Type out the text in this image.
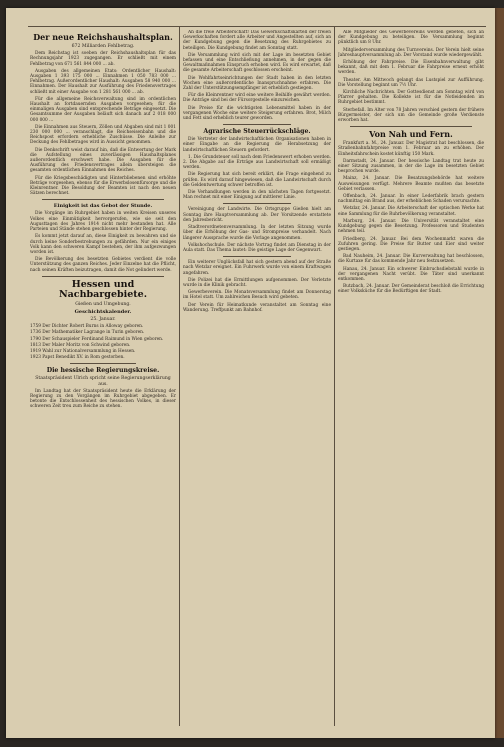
Der neue Reichshaushaltsplan.
672 Milliarden Fehlbetrag.

Dem Reichstag ist soeben der Reichshaushaltsplan für das Rechnungsjahr 1923 zugegangen. Er schließt mit einem Fehlbetrag von 671 561 844 000 ... ab.

Ausgaben des allgemeinen Etats: Ordentlicher Haushalt: Ausgaben 1 393 175 000 ... Einnahmen 1 050 783 000 ... Fehlbetrag. Außerordentlicher Haushalt: Ausgaben 58 940 000 ... Einnahmen. Der Haushalt zur Ausführung des Friedensvertrages schließt mit einer Ausgabe von 1 281 561 000 ... ab.

Für die allgemeine Reichsverwaltung sind im ordentlichen Haushalt an fortdauernden Ausgaben vorgesehen; für die einmaligen Ausgaben sind entsprechende Beträge eingesetzt. Die Gesamtsumme der Ausgaben beläuft sich danach auf 2 018 000 000 000 ...

Die Einnahmen aus Steuern, Zöllen und Abgaben sind mit 1 001 230 000 000 ... veranschlagt, die Reichseisenbahn und die Reichspost erfordern erhebliche Zuschüsse. Die Anleihe zur Deckung des Fehlbetrages wird in Aussicht genommen.

Die Denkschrift weist darauf hin, daß die Entwertung der Mark die Aufstellung eines zuverlässigen Haushaltsplanes außerordentlich erschwert habe. Die Ausgaben für die Ausführung des Friedensvertrages allein übersteigen die gesamten ordentlichen Einnahmen des Reiches.

Für die Kriegsbeschädigten und Hinterbliebenen sind erhöhte Beträge vorgesehen, ebenso für die Erwerbslosenfürsorge und die Kleinrentner. Die Besoldung der Beamten ist nach den neuen Sätzen berechnet.

Einigkeit ist das Gebot der Stunde.

Die Vorgänge im Ruhrgebiet haben in weiten Kreisen unseres Volkes eine Einmütigkeit hervorgerufen, wie sie seit den Augusttagen des Jahres 1914 nicht mehr bestanden hat. Alle Parteien und Stände stehen geschlossen hinter der Regierung.

Es kommt jetzt darauf an, diese Einigkeit zu bewahren und sie durch keine Sonderbestrebungen zu gefährden. Nur ein einiges Volk kann den schweren Kampf bestehen, der ihm aufgezwungen worden ist.

Die Bevölkerung des besetzten Gebietes verdient die volle Unterstützung des ganzen Reiches. Jeder Einzelne hat die Pflicht, nach seinen Kräften beizutragen, damit die Not gelindert werde.

Hessen und Nachbargebiete.
Gießen und Umgebung.
Geschichtskalender.
25. Januar.
1759 Der Dichter Robert Burns in Alloway geboren.
1736 Der Mathematiker Lagrange in Turin geboren.
1790 Der Schauspieler Ferdinand Raimund in Wien geboren.
1813 Der Maler Moritz von Schwind geboren.
1919 Wahl zur Nationalversammlung in Hessen.
1923 Papst Benedikt XV. in Rom gestorben.
Die hessische Regierungskreise.
Staatspräsident Ulrich spricht seine Regierungserklärung aus.

Im Landtag hat der Staatspräsident heute die Erklärung der Regierung zu den Vorgängen im Ruhrgebiet abgegeben. Er betonte die Entschlossenheit des hessischen Volkes, in dieser schweren Zeit treu zum Reiche zu stehen.

An die freie Arbeiterschaft! Das Gewerkschaftskartell der freien Gewerkschaften fordert alle Arbeiter und Angestellten auf, sich an der Kundgebung gegen die Besetzung des Ruhrgebietes zu beteiligen. Die Kundgebung findet am Sonntag statt.

Die Versammlung wird sich mit der Lage im besetzten Gebiet befassen und eine Entschließung annehmen, in der gegen die Gewaltmaßnahmen Einspruch erhoben wird. Es wird erwartet, daß die gesamte Arbeiterschaft geschlossen erscheint.

Die Wohlfahrtseinrichtungen der Stadt haben in den letzten Wochen eine außerordentliche Inanspruchnahme erfahren. Die Zahl der Unterstützungsempfänger ist erheblich gestiegen.

Für die Kleinrentner wird eine weitere Beihilfe gewährt werden. Die Anträge sind bei der Fürsorgestelle einzureichen.

Die Preise für die wichtigsten Lebensmittel haben in der vergangenen Woche eine weitere Steigerung erfahren. Brot, Milch und Fett sind erheblich teurer geworden.

Agrarische Steuerrückschläge.

Die Vertreter der landwirtschaftlichen Organisationen haben in einer Eingabe an die Regierung die Herabsetzung der landwirtschaftlichen Steuern gefordert.

1. Die Grundsteuer soll nach dem Friedenswert erhoben werden. 2. Die Abgabe auf die Erträge aus Landwirtschaft soll ermäßigt werden.

Die Regierung hat sich bereit erklärt, die Frage eingehend zu prüfen. Es wird darauf hingewiesen, daß die Landwirtschaft durch die Geldentwertung schwer betroffen ist.

Die Verhandlungen werden in den nächsten Tagen fortgesetzt. Man rechnet mit einer Einigung auf mittlerer Linie.

Vereinigung der Landwirte. Die Ortsgruppe Gießen hielt am Sonntag ihre Hauptversammlung ab. Der Vorsitzende erstattete den Jahresbericht.

Stadtverordnetenversammlung. In der letzten Sitzung wurde über die Erhöhung der Gas- und Strompreise verhandelt. Nach längerer Aussprache wurde die Vorlage angenommen.

Volkshochschule. Der nächste Vortrag findet am Dienstag in der Aula statt. Das Thema lautet: Die geistige Lage der Gegenwart.

Ein weiterer Unglücksfall hat sich gestern abend auf der Straße nach Wetzlar ereignet. Ein Fuhrwerk wurde von einem Kraftwagen angefahren.

Die Polizei hat die Ermittlungen aufgenommen. Der Verletzte wurde in die Klinik gebracht.

Gewerbeverein. Die Monatsversammlung findet am Donnerstag im Hotel statt. Um zahlreichen Besuch wird gebeten.

Der Verein für Heimatkunde veranstaltet am Sonntag eine Wanderung. Treffpunkt am Bahnhof.

Alle Mitglieder des Gewerbevereins werden gebeten, sich an der Kundgebung zu beteiligen. Die Versammlung beginnt pünktlich um 8 Uhr.

Mitgliederversammlung des Turnvereins. Der Verein hielt seine Jahreshauptversammlung ab. Der Vorstand wurde wiedergewählt.

Erhöhung der Fahrpreise. Die Eisenbahnverwaltung gibt bekannt, daß mit dem 1. Februar die Fahrpreise erneut erhöht werden.

Theater. Am Mittwoch gelangt das Lustspiel zur Aufführung. Die Vorstellung beginnt um 7½ Uhr.

Kirchliche Nachrichten. Der Gottesdienst am Sonntag wird von Pfarrer gehalten. Die Kollekte ist für die Notleidenden im Ruhrgebiet bestimmt.

Sterbefall. Im Alter von 78 Jahren verschied gestern der frühere Bürgermeister, der sich um die Gemeinde große Verdienste erworben hat.

Von Nah und Fern.

Frankfurt a. M., 24. Januar. Der Magistrat hat beschlossen, die Straßenbahnfahrpreise vom 1. Februar an zu erhöhen. Der Einheitsfahrschein kostet künftig 150 Mark.

Darmstadt, 24. Januar. Der hessische Landtag trat heute zu einer Sitzung zusammen, in der die Lage im besetzten Gebiet besprochen wurde.

Mainz, 24. Januar. Die Besatzungsbehörde hat weitere Ausweisungen verfügt. Mehrere Beamte mußten das besetzte Gebiet verlassen.

Offenbach, 24. Januar. In einer Lederfabrik brach gestern nachmittag ein Brand aus, der erheblichen Schaden verursachte.

Wetzlar, 24. Januar. Die Arbeiterschaft der optischen Werke hat eine Sammlung für die Ruhrbevölkerung veranstaltet.

Marburg, 24. Januar. Die Universität veranstaltet eine Kundgebung gegen die Besetzung. Professoren und Studenten nehmen teil.

Friedberg, 24. Januar. Bei dem Wochenmarkt waren die Zufuhren gering. Die Preise für Butter und Eier sind weiter gestiegen.

Bad Nauheim, 24. Januar. Die Kurverwaltung hat beschlossen, die Kurtaxe für das kommende Jahr neu festzusetzen.

Hanau, 24. Januar. Ein schwerer Einbruchsdiebstahl wurde in der vergangenen Nacht verübt. Die Täter sind unerkannt entkommen.

Butzbach, 24. Januar. Der Gemeinderat beschloß die Errichtung einer Volksküche für die Bedürftigen der Stadt.
